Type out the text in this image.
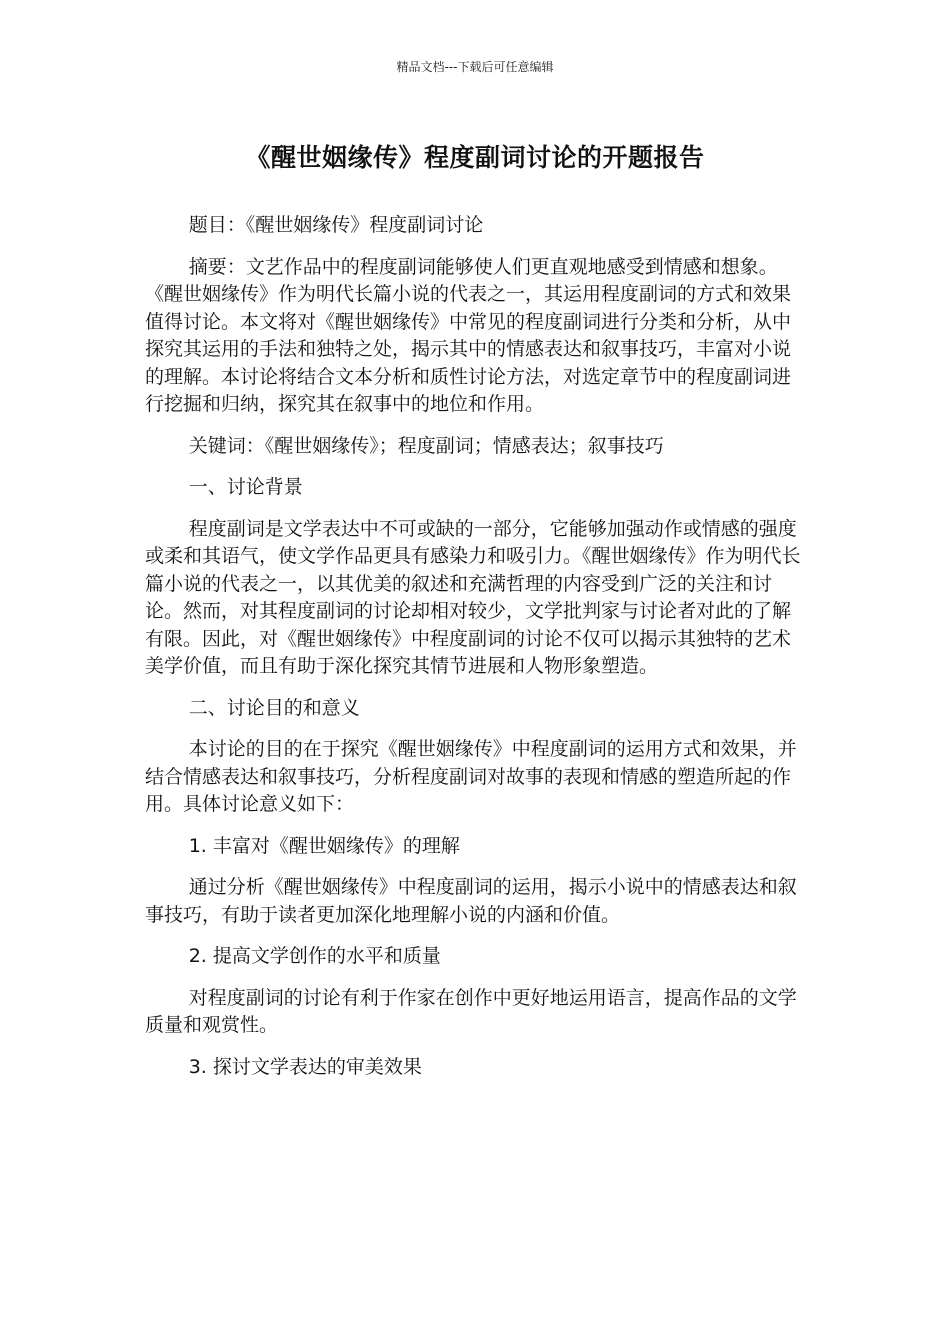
精品文档---下载后可任意编辑
《醒世姻缘传》程度副词讨论的开题报告

题目：《醒世姻缘传》程度副词讨论

摘要：文艺作品中的程度副词能够使人们更直观地感受到情感和想象。《醒世姻缘传》作为明代长篇小说的代表之一，其运用程度副词的方式和效果值得讨论。本文将对《醒世姻缘传》中常见的程度副词进行分类和分析，从中探究其运用的手法和独特之处，揭示其中的情感表达和叙事技巧，丰富对小说的理解。本讨论将结合文本分析和质性讨论方法，对选定章节中的程度副词进行挖掘和归纳，探究其在叙事中的地位和作用。

关键词：《醒世姻缘传》；程度副词；情感表达；叙事技巧

一、讨论背景

程度副词是文学表达中不可或缺的一部分，它能够加强动作或情感的强度或柔和其语气，使文学作品更具有感染力和吸引力。《醒世姻缘传》作为明代长篇小说的代表之一，以其优美的叙述和充满哲理的内容受到广泛的关注和讨论。然而，对其程度副词的讨论却相对较少，文学批判家与讨论者对此的了解有限。因此，对《醒世姻缘传》中程度副词的讨论不仅可以揭示其独特的艺术美学价值，而且有助于深化探究其情节进展和人物形象塑造。

二、讨论目的和意义

本讨论的目的在于探究《醒世姻缘传》中程度副词的运用方式和效果，并结合情感表达和叙事技巧，分析程度副词对故事的表现和情感的塑造所起的作用。具体讨论意义如下：

1. 丰富对《醒世姻缘传》的理解

通过分析《醒世姻缘传》中程度副词的运用，揭示小说中的情感表达和叙事技巧，有助于读者更加深化地理解小说的内涵和价值。

2. 提高文学创作的水平和质量

对程度副词的讨论有利于作家在创作中更好地运用语言，提高作品的文学质量和观赏性。

3. 探讨文学表达的审美效果
